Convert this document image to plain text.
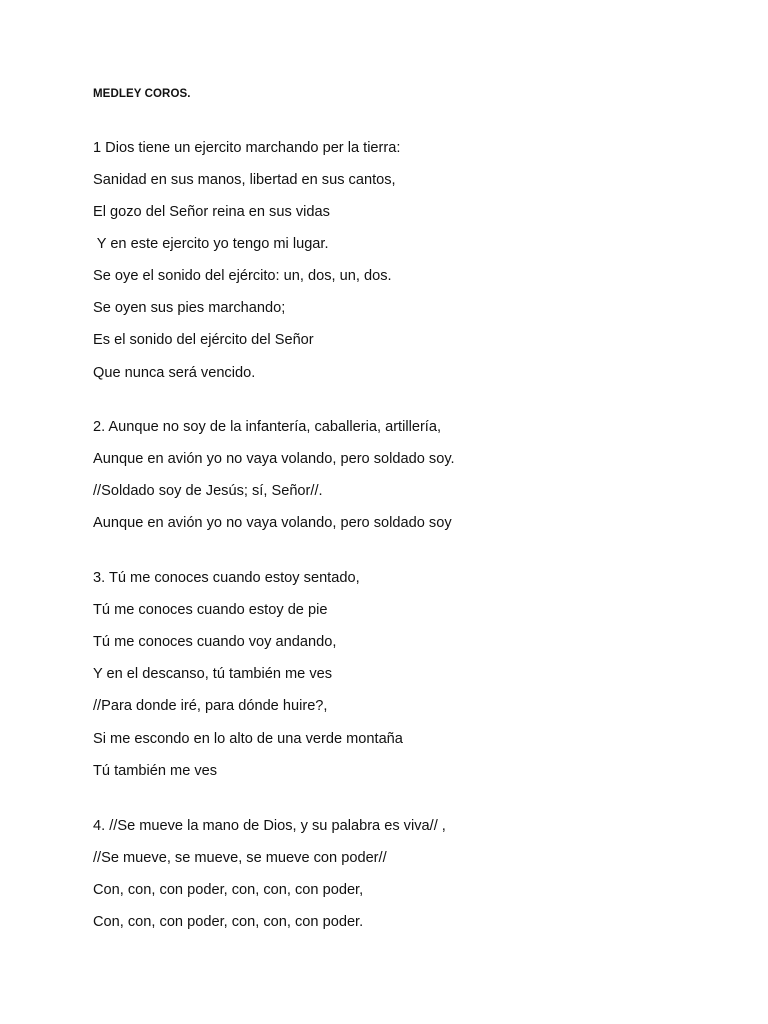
MEDLEY COROS.
1 Dios tiene un ejercito marchando per la tierra:
Sanidad en sus manos, libertad en sus cantos,
El gozo del Señor reina en sus vidas
Y en este ejercito yo tengo mi lugar.
Se oye el sonido del ejército: un, dos, un, dos.
Se oyen sus pies marchando;
Es el sonido del ejército del Señor
Que nunca será vencido.
2. Aunque no soy de la infantería, caballeria, artillería,
Aunque en avión yo no vaya volando, pero soldado soy.
//Soldado soy de Jesús; sí, Señor//.
Aunque en avión yo no vaya volando, pero soldado soy
3. Tú me conoces cuando estoy sentado,
Tú me conoces cuando estoy de pie
Tú me conoces cuando voy andando,
Y en el descanso, tú también me ves
//Para donde iré, para dónde huire?,
Si me escondo en lo alto de una verde montaña
Tú también me ves
4. //Se mueve la mano de Dios, y su palabra es viva// ,
//Se mueve, se mueve, se mueve con poder//
Con, con, con poder, con, con, con poder,
Con, con, con poder, con, con, con poder.
